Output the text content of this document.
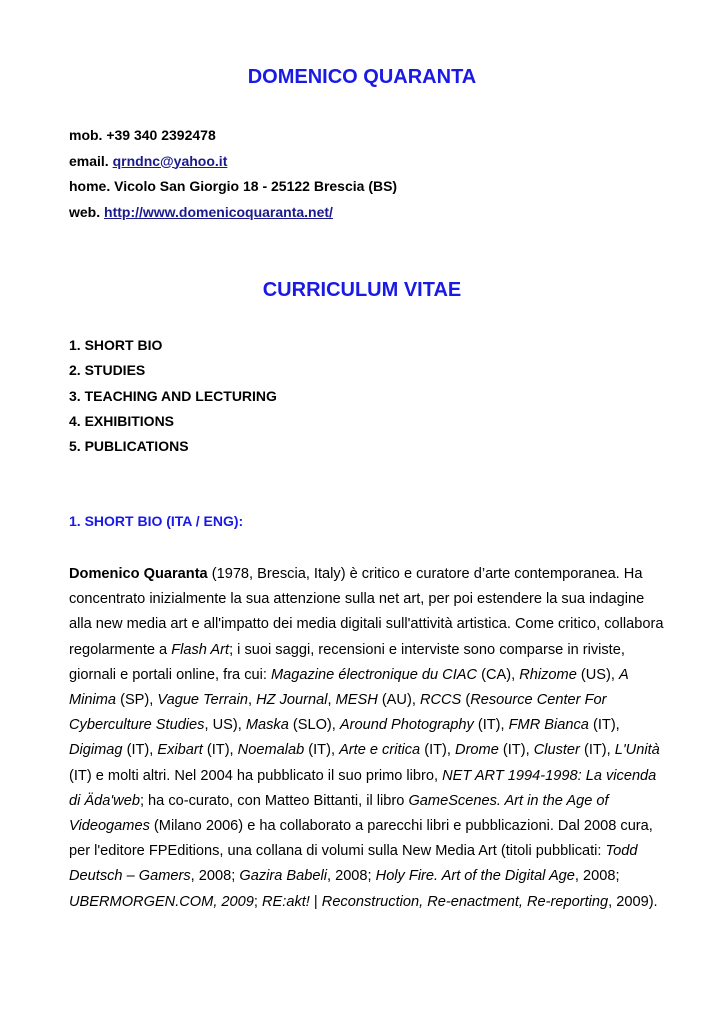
DOMENICO QUARANTA
mob. +39 340 2392478
email. qrndnc@yahoo.it
home. Vicolo San Giorgio 18 - 25122 Brescia (BS)
web. http://www.domenicoquaranta.net/
CURRICULUM VITAE
1. SHORT BIO
2. STUDIES
3. TEACHING AND LECTURING
4. EXHIBITIONS
5. PUBLICATIONS
1. SHORT BIO (ITA / ENG):

Domenico Quaranta (1978, Brescia, Italy) è critico e curatore d’arte contemporanea. Ha concentrato inizialmente la sua attenzione sulla net art, per poi estendere la sua indagine alla new media art e all'impatto dei media digitali sull'attività artistica. Come critico, collabora regolarmente a Flash Art; i suoi saggi, recensioni e interviste sono comparse in riviste, giornali e portali online, fra cui: Magazine électronique du CIAC (CA), Rhizome (US), A Minima (SP), Vague Terrain, HZ Journal, MESH (AU), RCCS (Resource Center For Cyberculture Studies, US), Maska (SLO), Around Photography (IT), FMR Bianca (IT), Digimag (IT), Exibart (IT), Noemalab (IT), Arte e critica (IT), Drome (IT), Cluster (IT), L'Unità (IT) e molti altri. Nel 2004 ha pubblicato il suo primo libro, NET ART 1994-1998: La vicenda di Äda'web; ha co-curato, con Matteo Bittanti, il libro GameScenes. Art in the Age of Videogames (Milano 2006) e ha collaborato a parecchi libri e pubblicazioni. Dal 2008 cura, per l'editore FPEditions, una collana di volumi sulla New Media Art (titoli pubblicati: Todd Deutsch – Gamers, 2008; Gazira Babeli, 2008; Holy Fire. Art of the Digital Age, 2008; UBERMORGEN.COM, 2009; RE:akt! | Reconstruction, Re-enactment, Re-reporting, 2009).
